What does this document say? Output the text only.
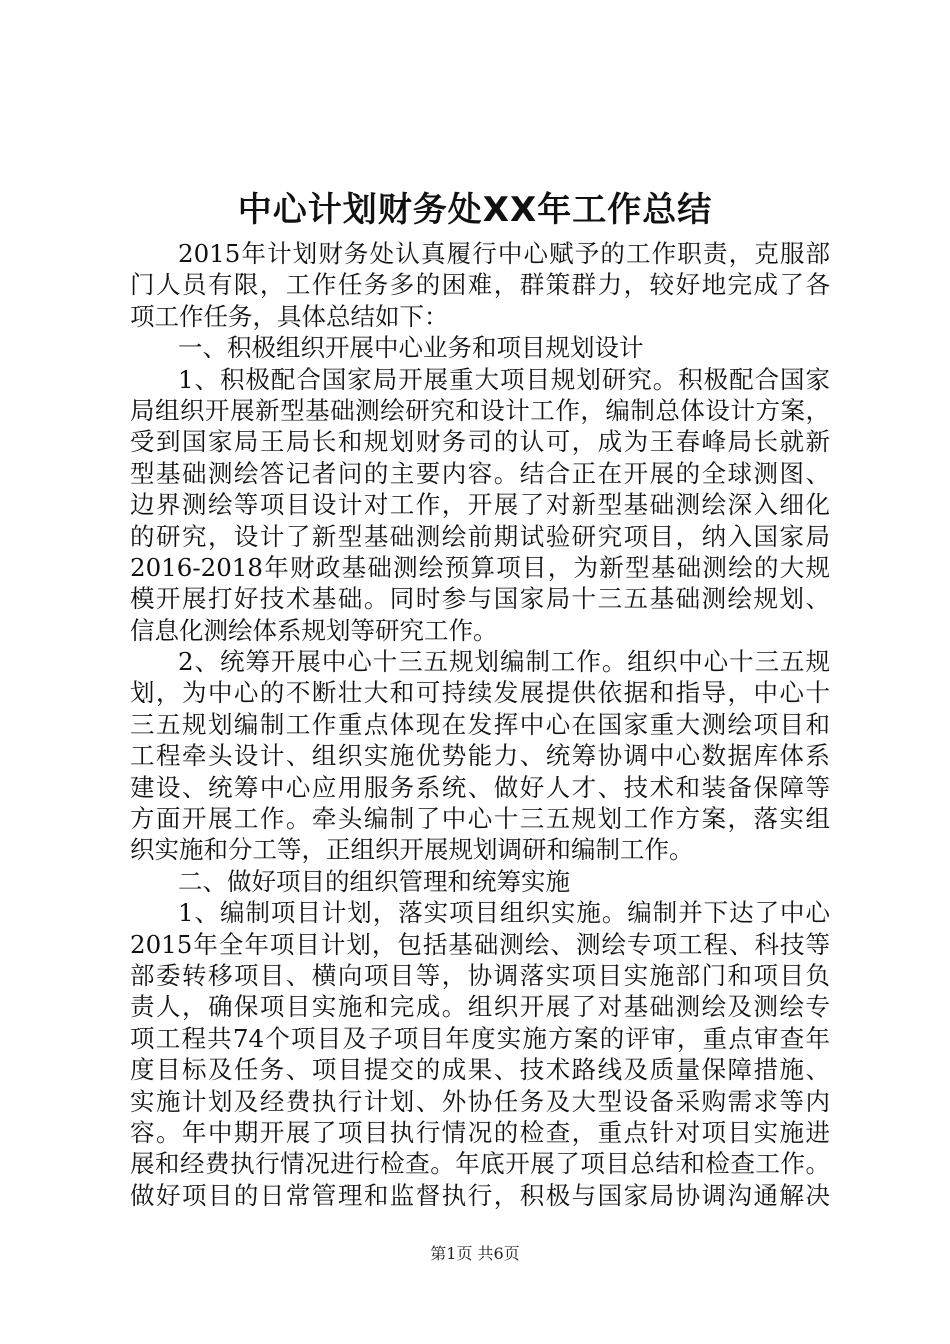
中心计划财务处XX年工作总结
2015年计划财务处认真履行中心赋予的工作职责，克服部
门人员有限，工作任务多的困难，群策群力，较好地完成了各
项工作任务，具体总结如下：
一、积极组织开展中心业务和项目规划设计
1、积极配合国家局开展重大项目规划研究。积极配合国家
局组织开展新型基础测绘研究和设计工作，编制总体设计方案，
受到国家局王局长和规划财务司的认可，成为王春峰局长就新
型基础测绘答记者问的主要内容。结合正在开展的全球测图、
边界测绘等项目设计对工作，开展了对新型基础测绘深入细化
的研究，设计了新型基础测绘前期试验研究项目，纳入国家局
2016-2018年财政基础测绘预算项目，为新型基础测绘的大规
模开展打好技术基础。同时参与国家局十三五基础测绘规划、
信息化测绘体系规划等研究工作。
2、统筹开展中心十三五规划编制工作。组织中心十三五规
划，为中心的不断壮大和可持续发展提供依据和指导，中心十
三五规划编制工作重点体现在发挥中心在国家重大测绘项目和
工程牵头设计、组织实施优势能力、统筹协调中心数据库体系
建设、统筹中心应用服务系统、做好人才、技术和装备保障等
方面开展工作。牵头编制了中心十三五规划工作方案，落实组
织实施和分工等，正组织开展规划调研和编制工作。
二、做好项目的组织管理和统筹实施
1、编制项目计划，落实项目组织实施。编制并下达了中心
2015年全年项目计划，包括基础测绘、测绘专项工程、科技等
部委转移项目、横向项目等，协调落实项目实施部门和项目负
责人，确保项目实施和完成。组织开展了对基础测绘及测绘专
项工程共74个项目及子项目年度实施方案的评审，重点审查年
度目标及任务、项目提交的成果、技术路线及质量保障措施、
实施计划及经费执行计划、外协任务及大型设备采购需求等内
容。年中期开展了项目执行情况的检查，重点针对项目实施进
展和经费执行情况进行检查。年底开展了项目总结和检查工作。
做好项目的日常管理和监督执行，积极与国家局协调沟通解决
第1页 共6页
